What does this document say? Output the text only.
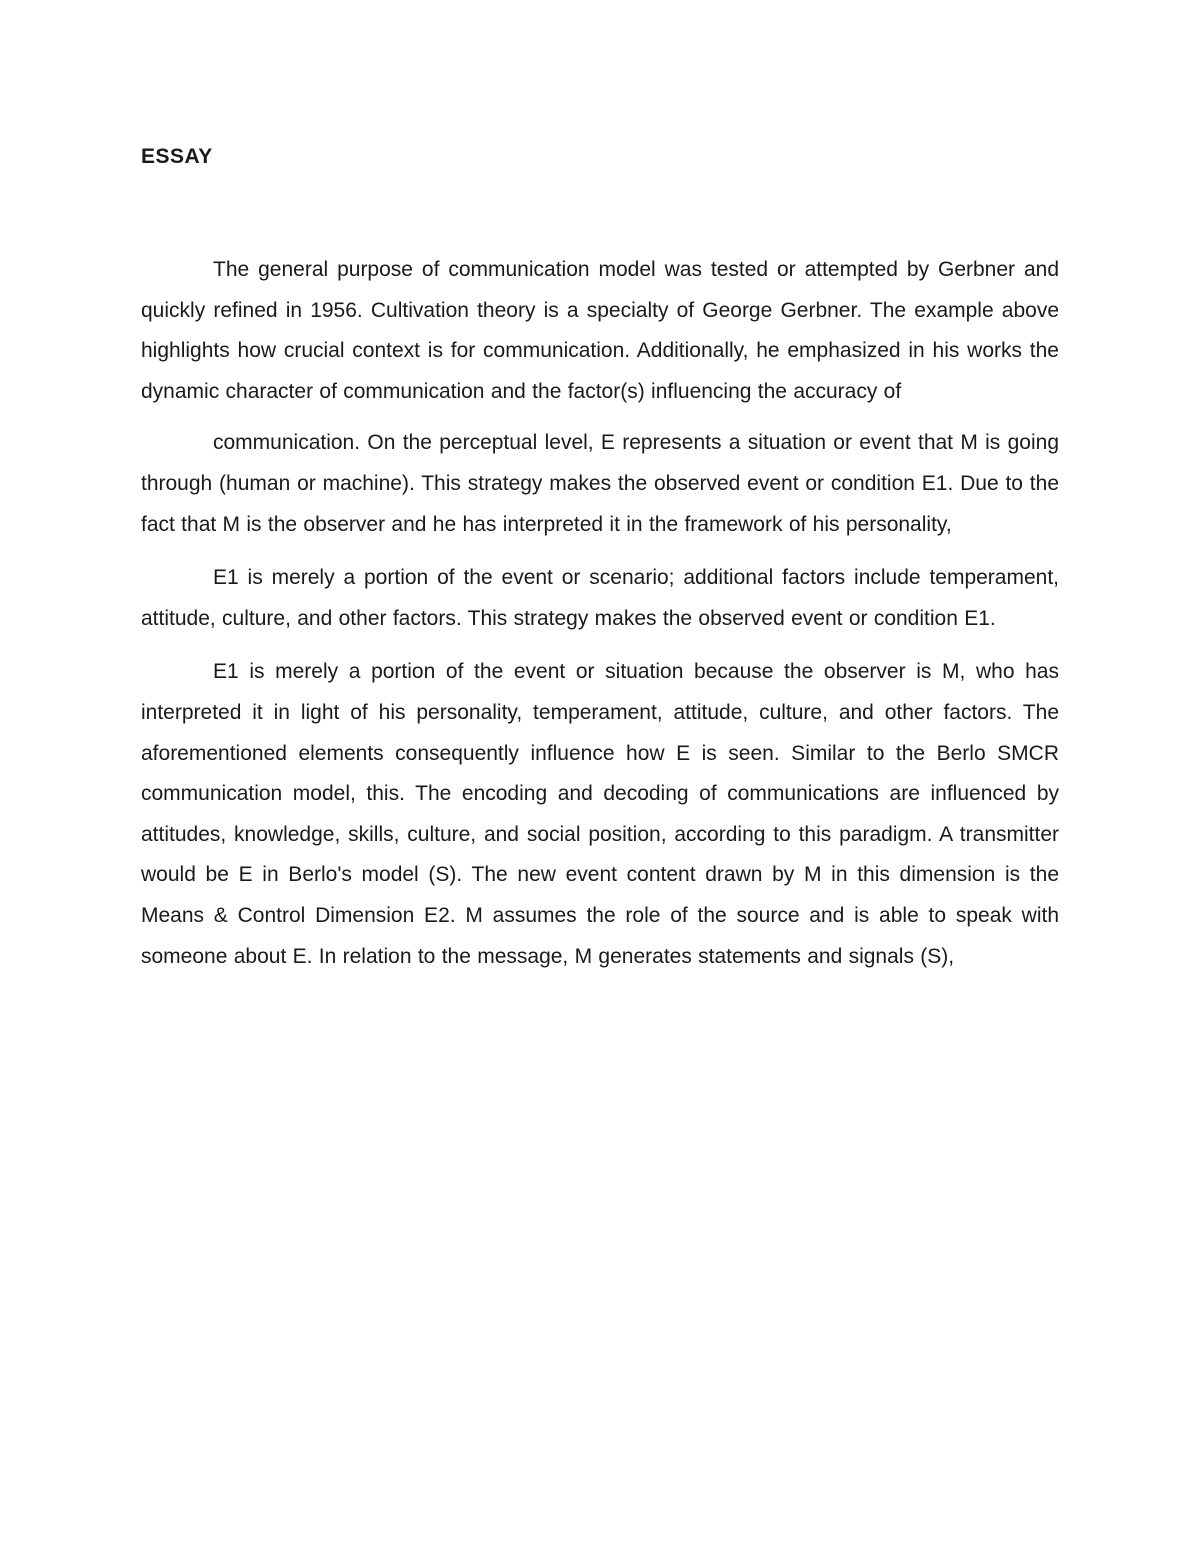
ESSAY

The general purpose of communication model was tested or attempted by Gerbner and quickly refined in 1956. Cultivation theory is a specialty of George Gerbner. The example above highlights how crucial context is for communication. Additionally, he emphasized in his works the dynamic character of communication and the factor(s) influencing the accuracy of

communication. On the perceptual level, E represents a situation or event that M is going through (human or machine). This strategy makes the observed event or condition E1. Due to the fact that M is the observer and he has interpreted it in the framework of his personality,

E1 is merely a portion of the event or scenario; additional factors include temperament, attitude, culture, and other factors. This strategy makes the observed event or condition E1.

E1 is merely a portion of the event or situation because the observer is M, who has interpreted it in light of his personality, temperament, attitude, culture, and other factors. The aforementioned elements consequently influence how E is seen. Similar to the Berlo SMCR communication model, this. The encoding and decoding of communications are influenced by attitudes, knowledge, skills, culture, and social position, according to this paradigm. A transmitter would be E in Berlo's model (S). The new event content drawn by M in this dimension is the Means & Control Dimension E2. M assumes the role of the source and is able to speak with someone about E. In relation to the message, M generates statements and signals (S),
